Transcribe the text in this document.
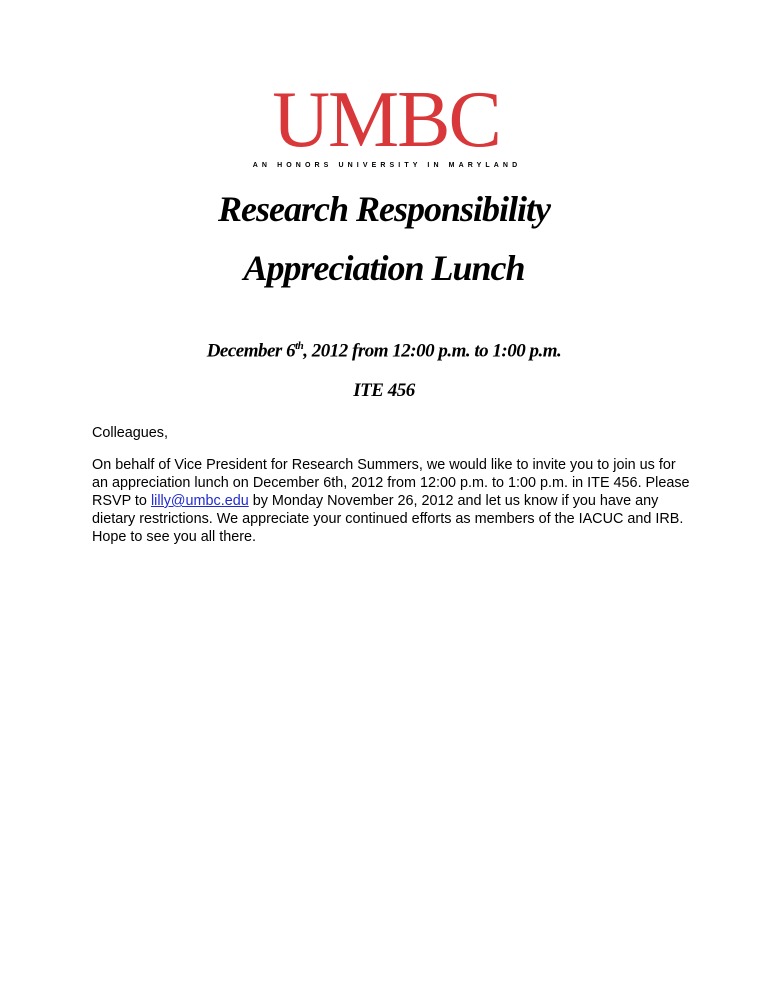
UMBC
AN HONORS UNIVERSITY IN MARYLAND
Research Responsibility
Appreciation Lunch
December 6th, 2012 from 12:00 p.m. to 1:00 p.m.
ITE 456

Colleagues,

On behalf of Vice President for Research Summers, we would like to invite you to join us for an appreciation lunch on December 6th, 2012 from 12:00 p.m. to 1:00 p.m. in ITE 456. Please RSVP to lilly@umbc.edu by Monday November 26, 2012 and let us know if you have any dietary restrictions. We appreciate your continued efforts as members of the IACUC and IRB. Hope to see you all there.
